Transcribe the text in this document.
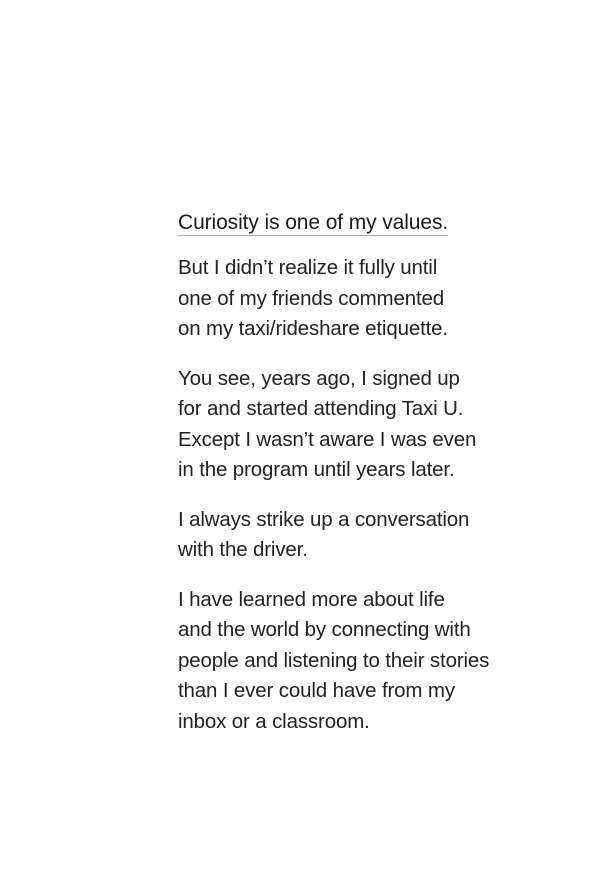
Curiosity is one of my values.

But I didn’t realize it fully until
one of my friends commented
on my taxi/rideshare etiquette.

You see, years ago, I signed up
for and started attending Taxi U.
Except I wasn’t aware I was even
in the program until years later.

I always strike up a conversation
with the driver.

I have learned more about life
and the world by connecting with
people and listening to their stories
than I ever could have from my
inbox or a classroom.
